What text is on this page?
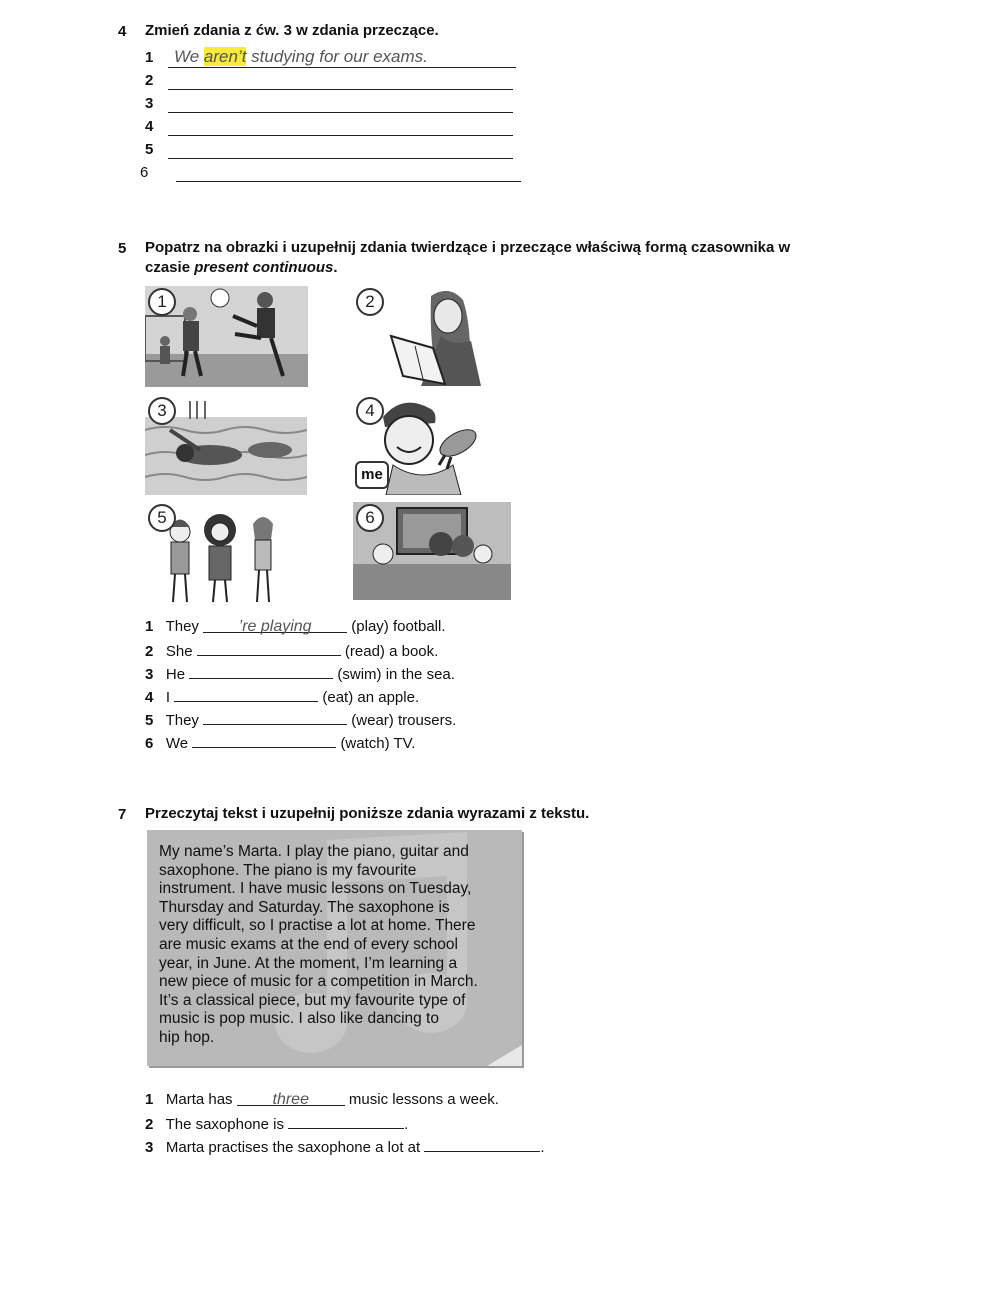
4 Zmień zdania z ćw. 3 w zdania przeczące.
1 We aren’t studying for our exams.
2
3
4
5
6
5 Popatrz na obrazki i uzupełnij zdania twierdzące i przeczące właściwą formą czasownika w
czasie present continuous.
1	2
3	4
me
5	6
1 They ’re playing	(play) football.
2 She	(read) a book.
3 He	(swim) in the sea.
4 I	(eat) an apple.
5 They	(wear) trousers.
6 We	(watch) TV.
7 Przeczytaj tekst i uzupełnij poniższe zdania wyrazami z tekstu.

My name’s Marta. I play the piano, guitar and
saxophone. The piano is my favourite
instrument. I have music lessons on Tuesday,
Thursday and Saturday. The saxophone is
very difficult, so I practise a lot at home. There
are music exams at the end of every school
year, in June. At the moment, I’m learning a
new piece of music for a competition in March.
It’s a classical piece, but my favourite type of
music is pop music. I also like dancing to
hip hop.

1 Marta has three	music lessons a week.
2 The saxophone is	.
3 Marta practises the saxophone a lot at	.
